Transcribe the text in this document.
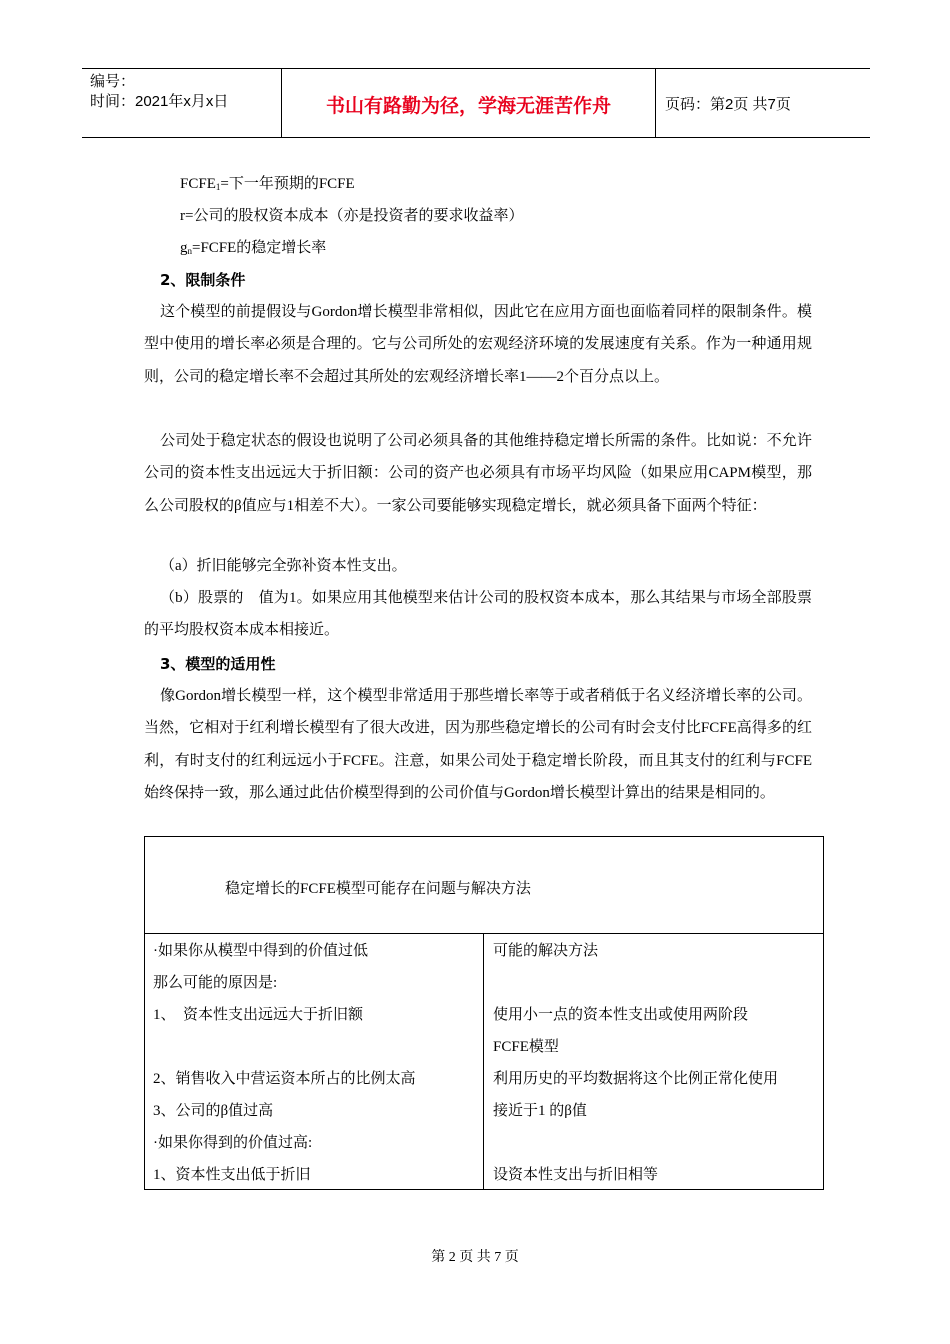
编号：
时间：2021年x月x日	书山有路勤为径，学海无涯苦作舟	页码：第2页 共7页
$FCFE_1=$下一年预期的FCFE
r=公司的股权资本成本（亦是投资者的要求收益率）
$g_n=FCFE$的稳定增长率
2、限制条件

这个模型的前提假设与Gordon增长模型非常相似，因此它在应用方面也面临着同样的限制条件。模型中使用的增长率必须是合理的。它与公司所处的宏观经济环境的发展速度有关系。作为一种通用规则，公司的稳定增长率不会超过其所处的宏观经济增长率1——2个百分点以上。

公司处于稳定状态的假设也说明了公司必须具备的其他维持稳定增长所需的条件。比如说：不允许公司的资本性支出远远大于折旧额：公司的资产也必须具有市场平均风险（如果应用CAPM模型，那么公司股权的β值应与1相差不大）。一家公司要能够实现稳定增长，就必须具备下面两个特征：

（a）折旧能够完全弥补资本性支出。

（b）股票的　值为1。如果应用其他模型来估计公司的股权资本成本，那么其结果与市场全部股票的平均股权资本成本相接近。

3、模型的适用性

像Gordon增长模型一样，这个模型非常适用于那些增长率等于或者稍低于名义经济增长率的公司。当然，它相对于红利增长模型有了很大改进，因为那些稳定增长的公司有时会支付比FCFE高得多的红利，有时支付的红利远远小于FCFE。注意，如果公司处于稳定增长阶段，而且其支付的红利与FCFE始终保持一致，那么通过此估价模型得到的公司价值与Gordon增长模型计算出的结果是相同的。

稳定增长的FCFE模型可能存在问题与解决方法
·如果你从模型中得到的价值过低
那么可能的原因是:
1、　资本性支出远远大于折旧额
2、销售收入中营运资本所占的比例太高
3、公司的β值过高
·如果你得到的价值过高:
1、资本性支出低于折旧
可能的解决方法
使用小一点的资本性支出或使用两阶段
FCFE模型
利用历史的平均数据将这个比例正常化使用
接近于1 的β值
设资本性支出与折旧相等
第 2 页 共 7 页
